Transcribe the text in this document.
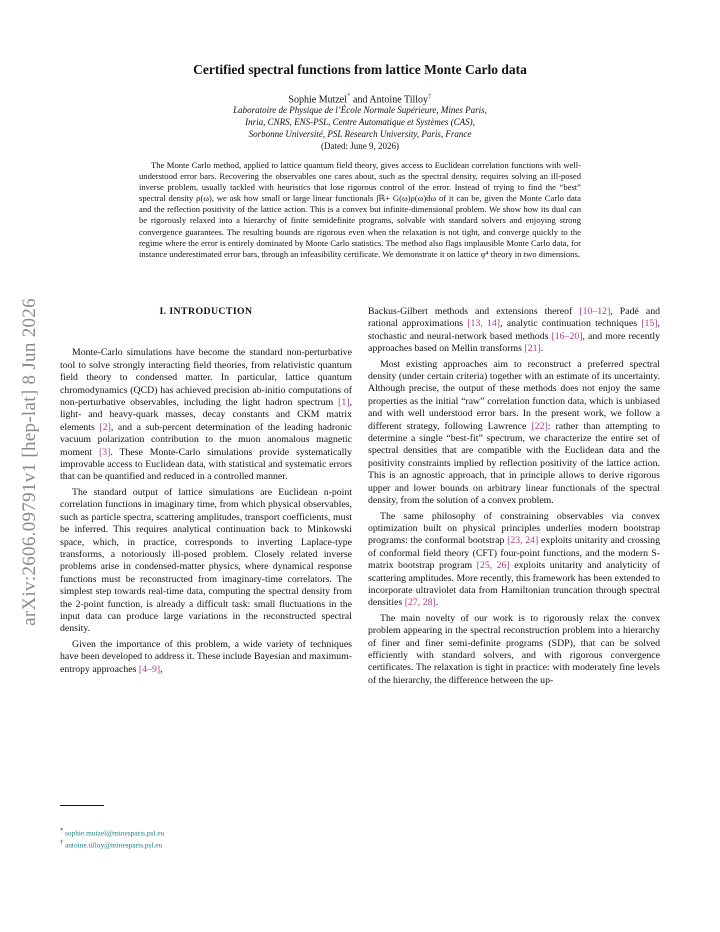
arXiv:2606.09791v1 [hep-lat] 8 Jun 2026
Certified spectral functions from lattice Monte Carlo data
Sophie Mutzel* and Antoine Tilloy†
Laboratoire de Physique de l’École Normale Supérieure, Mines Paris,
Inria, CNRS, ENS-PSL, Centre Automatique et Systèmes (CAS),
Sorbonne Université, PSL Research University, Paris, France
(Dated: June 9, 2026)
The Monte Carlo method, applied to lattice quantum field theory, gives access to Euclidean correlation functions with well-understood error bars. Recovering the observables one cares about, such as the spectral density, requires solving an ill-posed inverse problem, usually tackled with heuristics that lose rigorous control of the error. Instead of trying to find the “best” spectral density ρ(ω), we ask how small or large linear functionals ∫ℝ+ G(ω)ρ(ω)dω of it can be, given the Monte Carlo data and the reflection positivity of the lattice action. This is a convex but infinite-dimensional problem. We show how its dual can be rigorously relaxed into a hierarchy of finite semidefinite programs, solvable with standard solvers and enjoying strong convergence guarantees. The resulting bounds are rigorous even when the relaxation is not tight, and converge quickly to the regime where the error is entirely dominated by Monte Carlo statistics. The method also flags implausible Monte Carlo data, for instance underestimated error bars, through an infeasibility certificate. We demonstrate it on lattice φ⁴ theory in two dimensions.
I. INTRODUCTION

Monte-Carlo simulations have become the standard non-perturbative tool to solve strongly interacting field theories, from relativistic quantum field theory to condensed matter. In particular, lattice quantum chromodynamics (QCD) has achieved precision ab-initio computations of non-perturbative observables, including the light hadron spectrum [1], light- and heavy-quark masses, decay constants and CKM matrix elements [2], and a sub-percent determination of the leading hadronic vacuum polarization contribution to the muon anomalous magnetic moment [3]. These Monte-Carlo simulations provide systematically improvable access to Euclidean data, with statistical and systematic errors that can be quantified and reduced in a controlled manner.

The standard output of lattice simulations are Euclidean n-point correlation functions in imaginary time, from which physical observables, such as particle spectra, scattering amplitudes, transport coefficients, must be inferred. This requires analytical continuation back to Minkowski space, which, in practice, corresponds to inverting Laplace-type transforms, a notoriously ill-posed problem. Closely related inverse problems arise in condensed-matter physics, where dynamical response functions must be reconstructed from imaginary-time correlators. The simplest step towards real-time data, computing the spectral density from the 2-point function, is already a difficult task: small fluctuations in the input data can produce large variations in the reconstructed spectral density.

Given the importance of this problem, a wide variety of techniques have been developed to address it. These include Bayesian and maximum-entropy approaches [4–9],

Backus-Gilbert methods and extensions thereof [10–12], Padé and rational approximations [13, 14], analytic continuation techniques [15], stochastic and neural-network based methods [16–20], and more recently approaches based on Mellin transforms [21].

Most existing approaches aim to reconstruct a preferred spectral density (under certain criteria) together with an estimate of its uncertainty. Although precise, the output of these methods does not enjoy the same properties as the initial “raw” correlation function data, which is unbiased and with well understood error bars. In the present work, we follow a different strategy, following Lawrence [22]: rather than attempting to determine a single “best-fit” spectrum, we characterize the entire set of spectral densities that are compatible with the Euclidean data and the positivity constraints implied by reflection positivity of the lattice action. This is an agnostic approach, that in principle allows to derive rigorous upper and lower bounds on arbitrary linear functionals of the spectral density, from the solution of a convex problem.

The same philosophy of constraining observables via convex optimization built on physical principles underlies modern bootstrap programs: the conformal bootstrap [23, 24] exploits unitarity and crossing of conformal field theory (CFT) four-point functions, and the modern S-matrix bootstrap program [25, 26] exploits unitarity and analyticity of scattering amplitudes. More recently, this framework has been extended to incorporate ultraviolet data from Hamiltonian truncation through spectral densities [27, 28].

The main novelty of our work is to rigorously relax the convex problem appearing in the spectral reconstruction problem into a hierarchy of finer and finer semi-definite programs (SDP), that can be solved efficiently with standard solvers, and with rigorous convergence certificates. The relaxation is tight in practice: with moderately fine levels of the hierarchy, the difference between the up-

* sophie.mutzel@minesparis.psl.eu
† antoine.tilloy@minesparis.psl.eu
